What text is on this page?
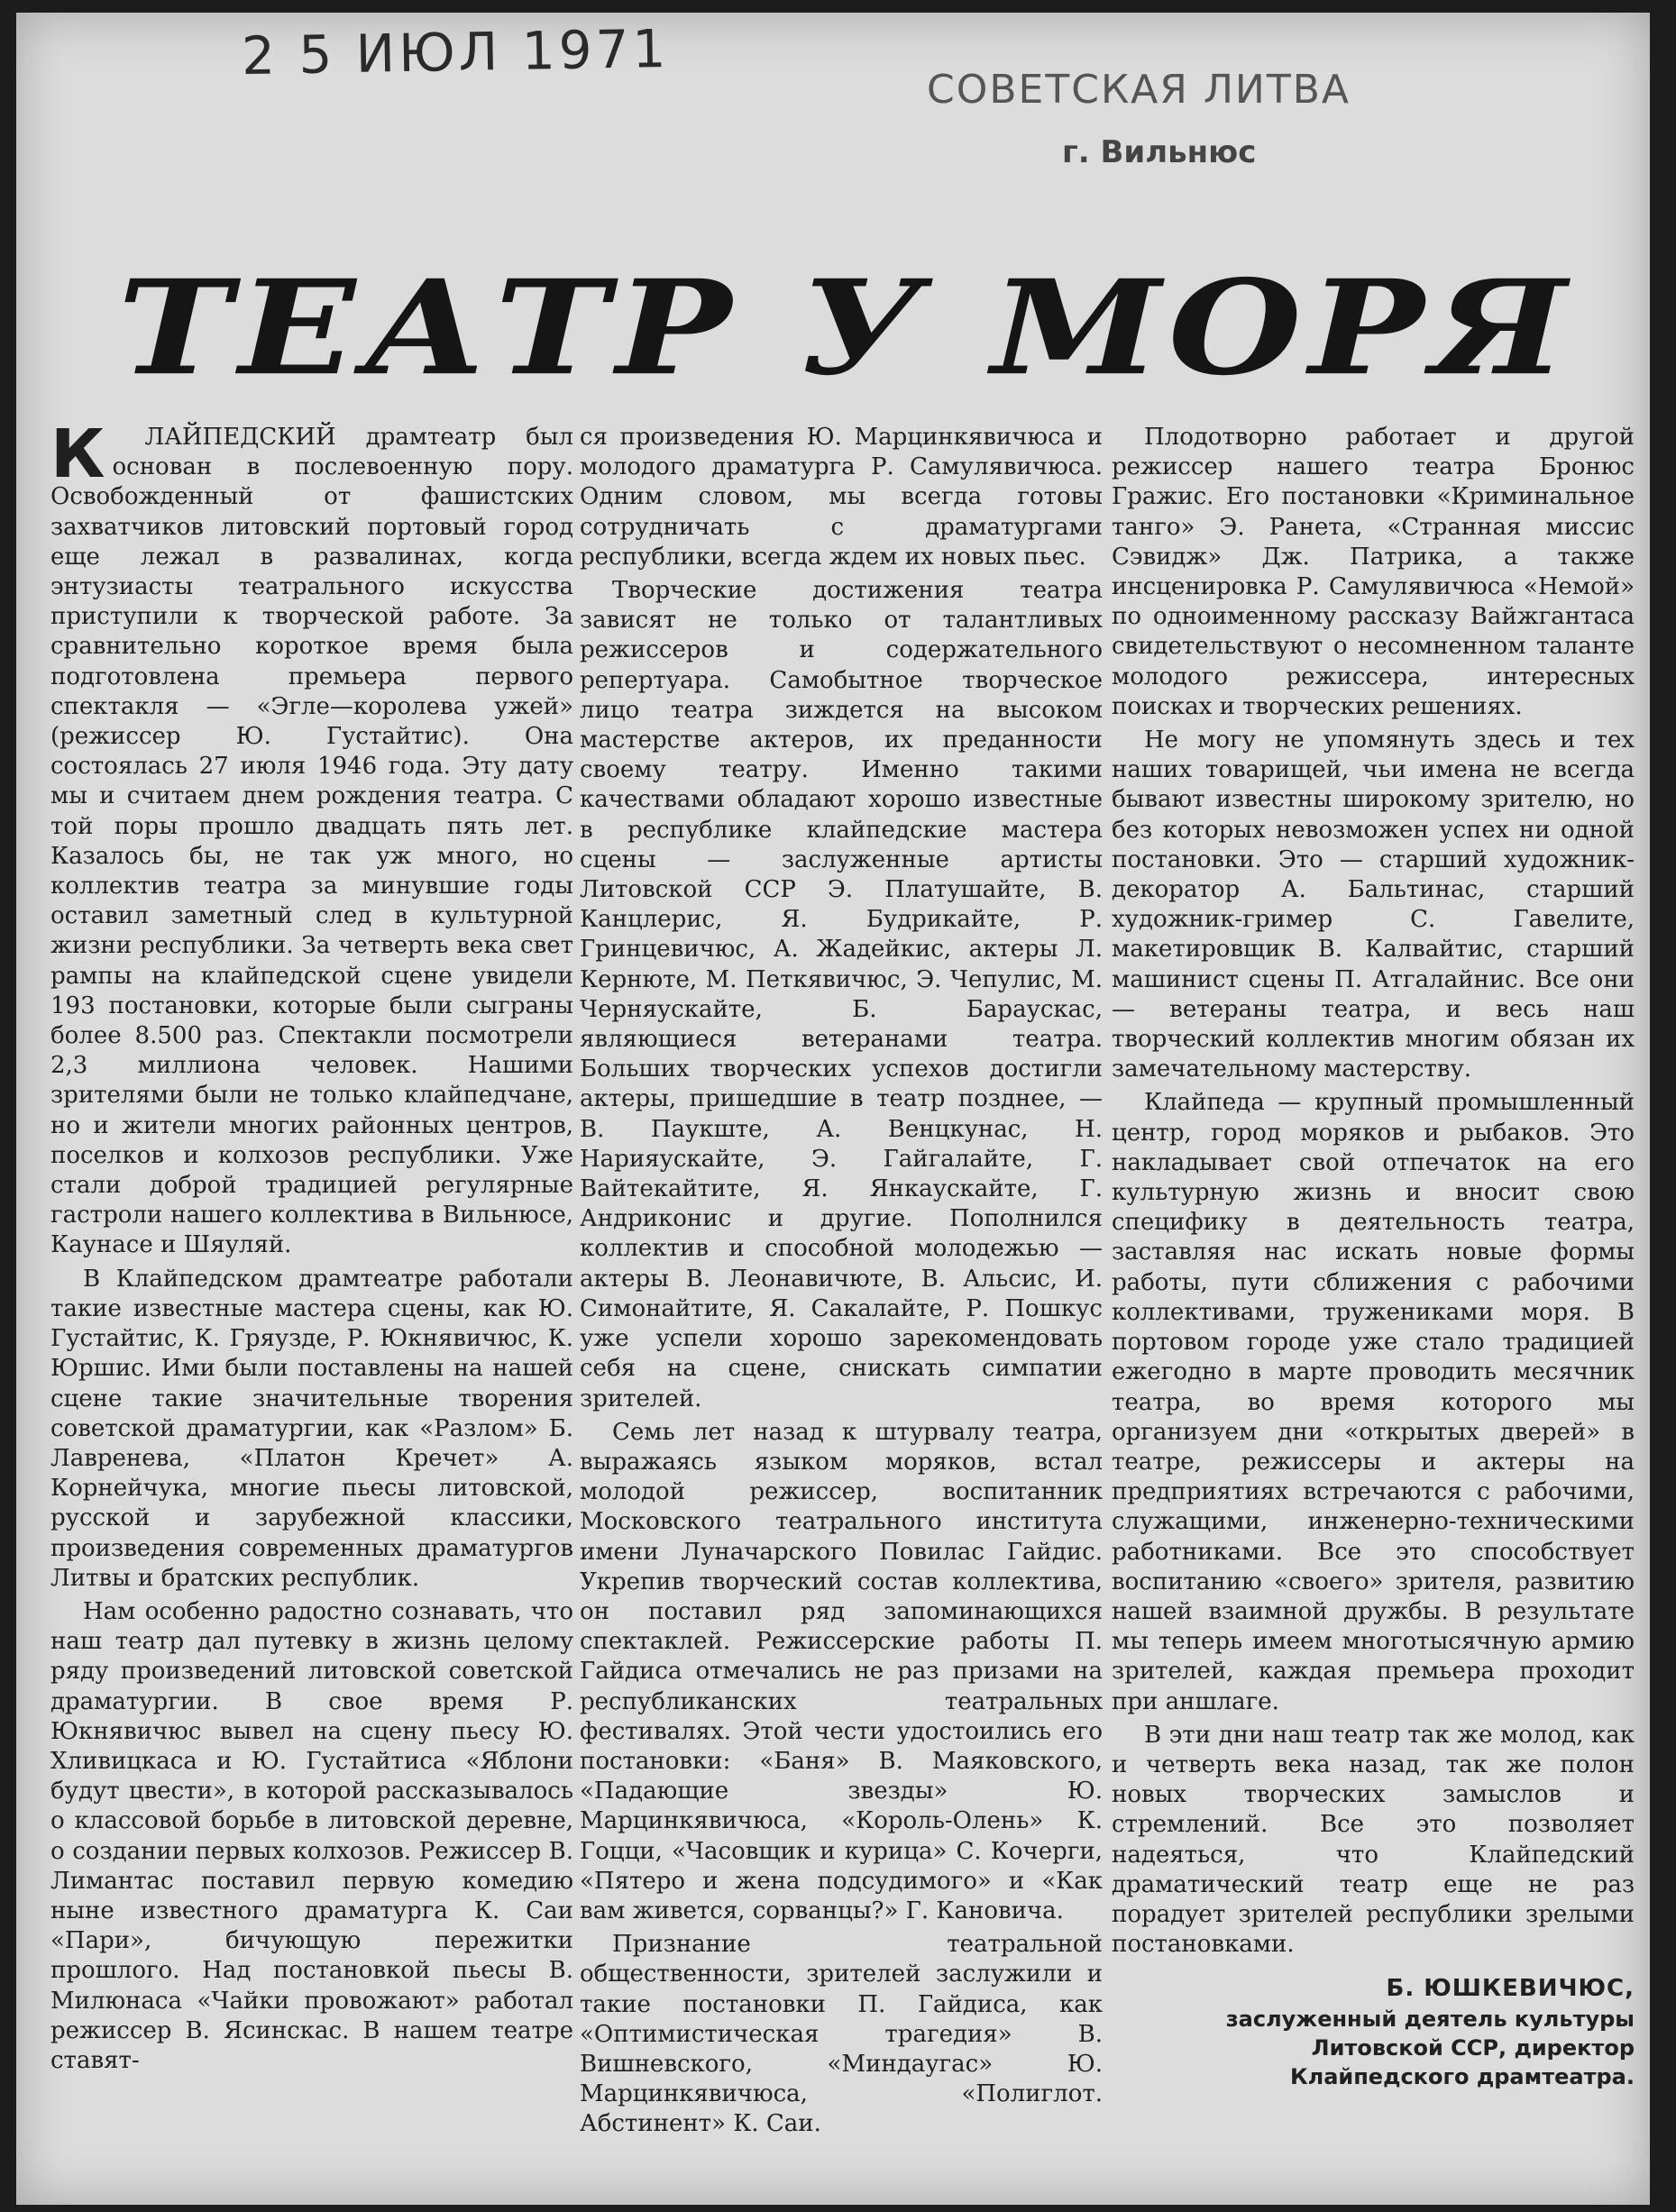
2 5 ИЮЛ 1971
СОВЕТСКАЯ ЛИТВА
г. Вильнюс
ТЕАТР У МОРЯ

КЛАЙПЕДСКИЙ драмтеатр был основан в послевоенную пору. Освобожденный от фашистских захватчиков литовский портовый город еще лежал в развалинах, когда энтузиасты театрального искусства приступили к творческой работе. За сравнительно короткое время была подготовлена премьера первого спектакля — «Эгле—королева ужей» (режиссер Ю. Густайтис). Она состоялась 27 июля 1946 года. Эту дату мы и считаем днем рождения театра. С той поры прошло двадцать пять лет. Казалось бы, не так уж много, но коллектив театра за минувшие годы оставил заметный след в культурной жизни республики. За четверть века свет рампы на клайпедской сцене увидели 193 постановки, которые были сыграны более 8.500 раз. Спектакли посмотрели 2,3 миллиона человек. Нашими зрителями были не только клайпедчане, но и жители многих районных центров, поселков и колхозов республики. Уже стали доброй традицией регулярные гастроли нашего коллектива в Вильнюсе, Каунасе и Шяуляй.

В Клайпедском драмтеатре работали такие известные мастера сцены, как Ю. Густайтис, К. Гряузде, Р. Юкнявичюс, К. Юршис. Ими были поставлены на нашей сцене такие значительные творения советской драматургии, как «Разлом» Б. Лавренева, «Платон Кречет» А. Корнейчука, многие пьесы литовской, русской и зарубежной классики, произведения современных драматургов Литвы и братских республик.

Нам особенно радостно сознавать, что наш театр дал путевку в жизнь целому ряду произведений литовской советской драматургии. В свое время Р. Юкнявичюс вывел на сцену пьесу Ю. Хливицкаса и Ю. Густайтиса «Яблони будут цвести», в которой рассказывалось о классовой борьбе в литовской деревне, о создании первых колхозов. Режиссер В. Лимантас поставил первую комедию ныне известного драматурга К. Саи «Пари», бичующую пережитки прошлого. Над постановкой пьесы В. Милюнаса «Чайки провожают» работал режиссер В. Ясинскас. В нашем театре ставят-

ся произведения Ю. Марцинкявичюса и молодого драматурга Р. Самулявичюса. Одним словом, мы всегда готовы сотрудничать с драматургами республики, всегда ждем их новых пьес.

Творческие достижения театра зависят не только от талантливых режиссеров и содержательного репертуара. Самобытное творческое лицо театра зиждется на высоком мастерстве актеров, их преданности своему театру. Именно такими качествами обладают хорошо известные в республике клайпедские мастера сцены — заслуженные артисты Литовской ССР Э. Платушайте, В. Канцлерис, Я. Будрикайте, Р. Гринцевичюс, А. Жадейкис, актеры Л. Кернюте, М. Петкявичюс, Э. Чепулис, М. Черняускайте, Б. Бараускас, являющиеся ветеранами театра. Больших творческих успехов достигли актеры, пришедшие в театр позднее, — В. Паукште, А. Венцкунас, Н. Нарияускайте, Э. Гайгалайте, Г. Вайтекайтите, Я. Янкаускайте, Г. Андриконис и другие. Пополнился коллектив и способной молодежью — актеры В. Леонавичюте, В. Альсис, И. Симонайтите, Я. Сакалайте, Р. Пошкус уже успели хорошо зарекомендовать себя на сцене, снискать симпатии зрителей.

Семь лет назад к штурвалу театра, выражаясь языком моряков, встал молодой режиссер, воспитанник Московского театрального института имени Луначарского Повилас Гайдис. Укрепив творческий состав коллектива, он поставил ряд запоминающихся спектаклей. Режиссерские работы П. Гайдиса отмечались не раз призами на республиканских театральных фестивалях. Этой чести удостоились его постановки: «Баня» В. Маяковского, «Падающие звезды» Ю. Марцинкявичюса, «Король-Олень» К. Гоцци, «Часовщик и курица» С. Кочерги, «Пятеро и жена подсудимого» и «Как вам живется, сорванцы?» Г. Кановича.

Признание театральной общественности, зрителей заслужили и такие постановки П. Гайдиса, как «Оптимистическая трагедия» В. Вишневского, «Миндаугас» Ю. Марцинкявичюса, «Полиглот. Абстинент» К. Саи.

Плодотворно работает и другой режиссер нашего театра Бронюс Гражис. Его постановки «Криминальное танго» Э. Ранета, «Странная миссис Сэвидж» Дж. Патрика, а также инсценировка Р. Самулявичюса «Немой» по одноименному рассказу Вайжгантаса свидетельствуют о несомненном таланте молодого режиссера, интересных поисках и творческих решениях.

Не могу не упомянуть здесь и тех наших товарищей, чьи имена не всегда бывают известны широкому зрителю, но без которых невозможен успех ни одной постановки. Это — старший художник-декоратор А. Бальтинас, старший художник-гример С. Гавелите, макетировщик В. Калвайтис, старший машинист сцены П. Атгалайнис. Все они — ветераны театра, и весь наш творческий коллектив многим обязан их замечательному мастерству.

Клайпеда — крупный промышленный центр, город моряков и рыбаков. Это накладывает свой отпечаток на его культурную жизнь и вносит свою специфику в деятельность театра, заставляя нас искать новые формы работы, пути сближения с рабочими коллективами, тружениками моря. В портовом городе уже стало традицией ежегодно в марте проводить месячник театра, во время которого мы организуем дни «открытых дверей» в театре, режиссеры и актеры на предприятиях встречаются с рабочими, служащими, инженерно-техническими работниками. Все это способствует воспитанию «своего» зрителя, развитию нашей взаимной дружбы. В результате мы теперь имеем многотысячную армию зрителей, каждая премьера проходит при аншлаге.

В эти дни наш театр так же молод, как и четверть века назад, так же полон новых творческих замыслов и стремлений. Все это позволяет надеяться, что Клайпедский драматический театр еще не раз порадует зрителей республики зрелыми постановками.

Б. ЮШКЕВИЧЮС,
заслуженный деятель культуры Литовской ССР, директор
Клайпедского драмтеатра.
